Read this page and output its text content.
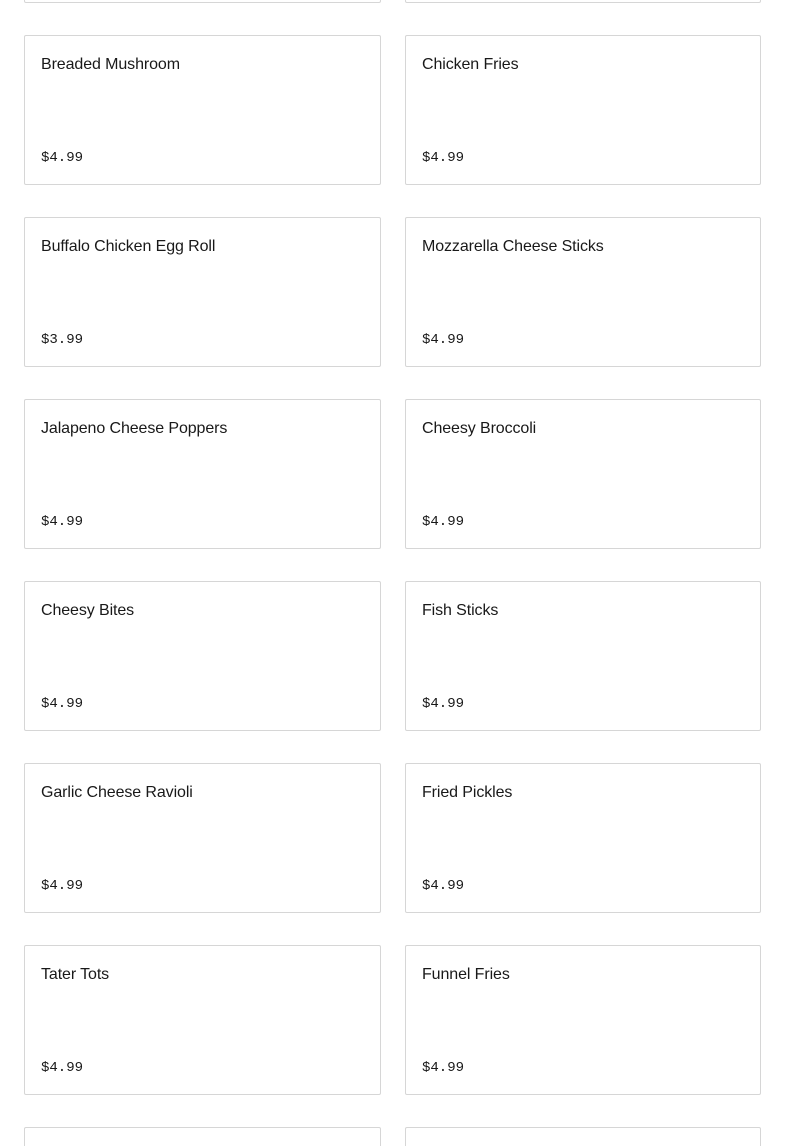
Breaded Mushroom
$4.99
Chicken Fries
$4.99
Buffalo Chicken Egg Roll
$3.99
Mozzarella Cheese Sticks
$4.99
Jalapeno Cheese Poppers
$4.99
Cheesy Broccoli
$4.99
Cheesy Bites
$4.99
Fish Sticks
$4.99
Garlic Cheese Ravioli
$4.99
Fried Pickles
$4.99
Tater Tots
$4.99
Funnel Fries
$4.99
